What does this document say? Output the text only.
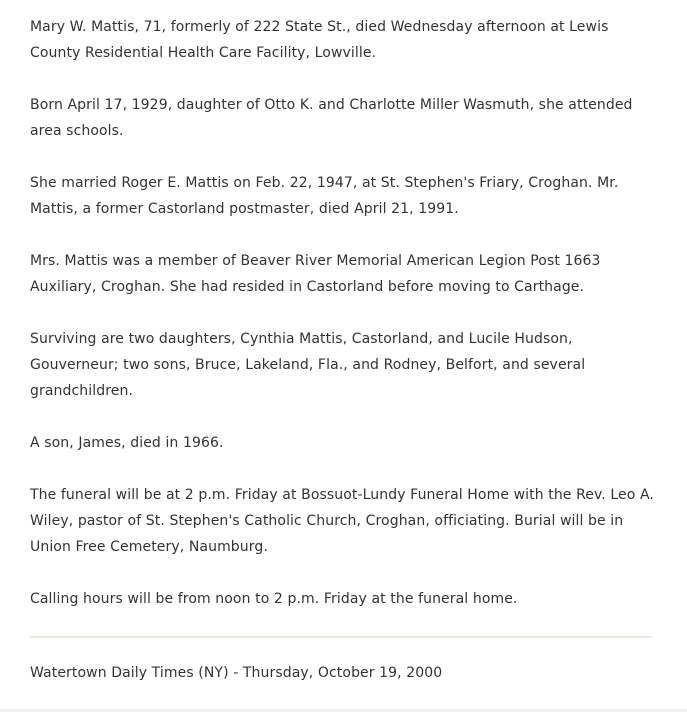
Mary W. Mattis, 71, formerly of 222 State St., died Wednesday afternoon at Lewis County Residential Health Care Facility, Lowville.

Born April 17, 1929, daughter of Otto K. and Charlotte Miller Wasmuth, she attended area schools.

She married Roger E. Mattis on Feb. 22, 1947, at St. Stephen's Friary, Croghan. Mr. Mattis, a former Castorland postmaster, died April 21, 1991.

Mrs. Mattis was a member of Beaver River Memorial American Legion Post 1663 Auxiliary, Croghan. She had resided in Castorland before moving to Carthage.

Surviving are two daughters, Cynthia Mattis, Castorland, and Lucile Hudson, Gouverneur; two sons, Bruce, Lakeland, Fla., and Rodney, Belfort, and several grandchildren.

A son, James, died in 1966.

The funeral will be at 2 p.m. Friday at Bossuot-Lundy Funeral Home with the Rev. Leo A. Wiley, pastor of St. Stephen's Catholic Church, Croghan, officiating. Burial will be in Union Free Cemetery, Naumburg.

Calling hours will be from noon to 2 p.m. Friday at the funeral home.

Watertown Daily Times (NY) - Thursday, October 19, 2000
